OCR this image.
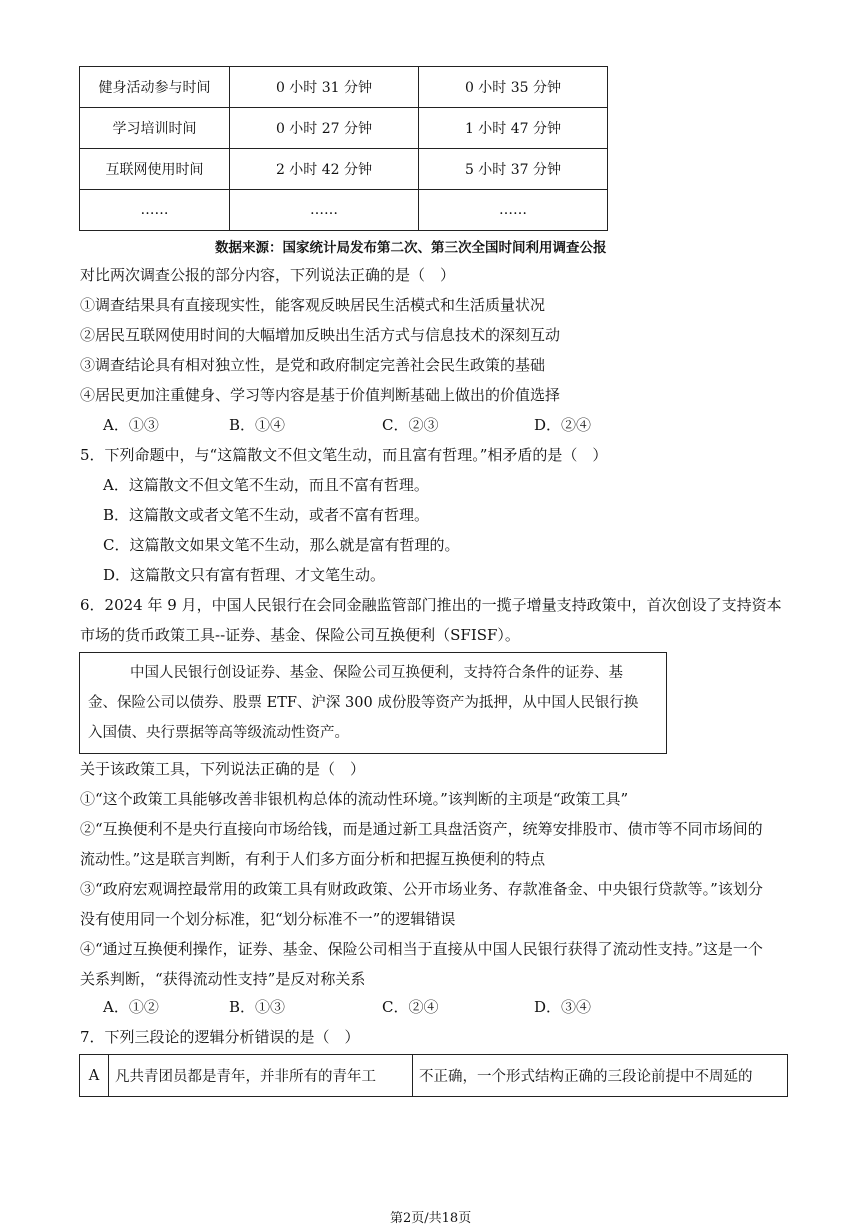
健身活动参与时间	0 小时 31 分钟	0 小时 35 分钟
学习培训时间	0 小时 27 分钟	1 小时 47 分钟
互联网使用时间	2 小时 42 分钟	5 小时 37 分钟
……	……	……
数据来源：国家统计局发布第二次、第三次全国时间利用调查公报
对比两次调查公报的部分内容，下列说法正确的是（　）
①调查结果具有直接现实性，能客观反映居民生活模式和生活质量状况
②居民互联网使用时间的大幅增加反映出生活方式与信息技术的深刻互动
③调查结论具有相对独立性，是党和政府制定完善社会民生政策的基础
④居民更加注重健身、学习等内容是基于价值判断基础上做出的价值选择
A．①③	B．①④	C．②③	D．②④
5．下列命题中，与“这篇散文不但文笔生动，而且富有哲理。”相矛盾的是（　）
A．这篇散文不但文笔不生动，而且不富有哲理。
B．这篇散文或者文笔不生动，或者不富有哲理。
C．这篇散文如果文笔不生动，那么就是富有哲理的。
D．这篇散文只有富有哲理、才文笔生动。
6．2024 年 9 月，中国人民银行在会同金融监管部门推出的一揽子增量支持政策中，首次创设了支持资本
市场的货币政策工具--证券、基金、保险公司互换便利（SFISF）。
中国人民银行创设证券、基金、保险公司互换便利，支持符合条件的证券、基
金、保险公司以债券、股票 ETF、沪深 300 成份股等资产为抵押，从中国人民银行换
入国债、央行票据等高等级流动性资产。
关于该政策工具，下列说法正确的是（　）
①“这个政策工具能够改善非银机构总体的流动性环境。”该判断的主项是“政策工具”
②“互换便利不是央行直接向市场给钱，而是通过新工具盘活资产，统筹安排股市、债市等不同市场间的
流动性。”这是联言判断，有利于人们多方面分析和把握互换便利的特点
③“政府宏观调控最常用的政策工具有财政政策、公开市场业务、存款准备金、中央银行贷款等。”该划分
没有使用同一个划分标准，犯“划分标准不一”的逻辑错误
④“通过互换便利操作，证券、基金、保险公司相当于直接从中国人民银行获得了流动性支持。”这是一个
关系判断，“获得流动性支持”是反对称关系
A．①②	B．①③	C．②④	D．③④
7．下列三段论的逻辑分析错误的是（　）
A	凡共青团员都是青年，并非所有的青年工	不正确，一个形式结构正确的三段论前提中不周延的
第2页/共18页
